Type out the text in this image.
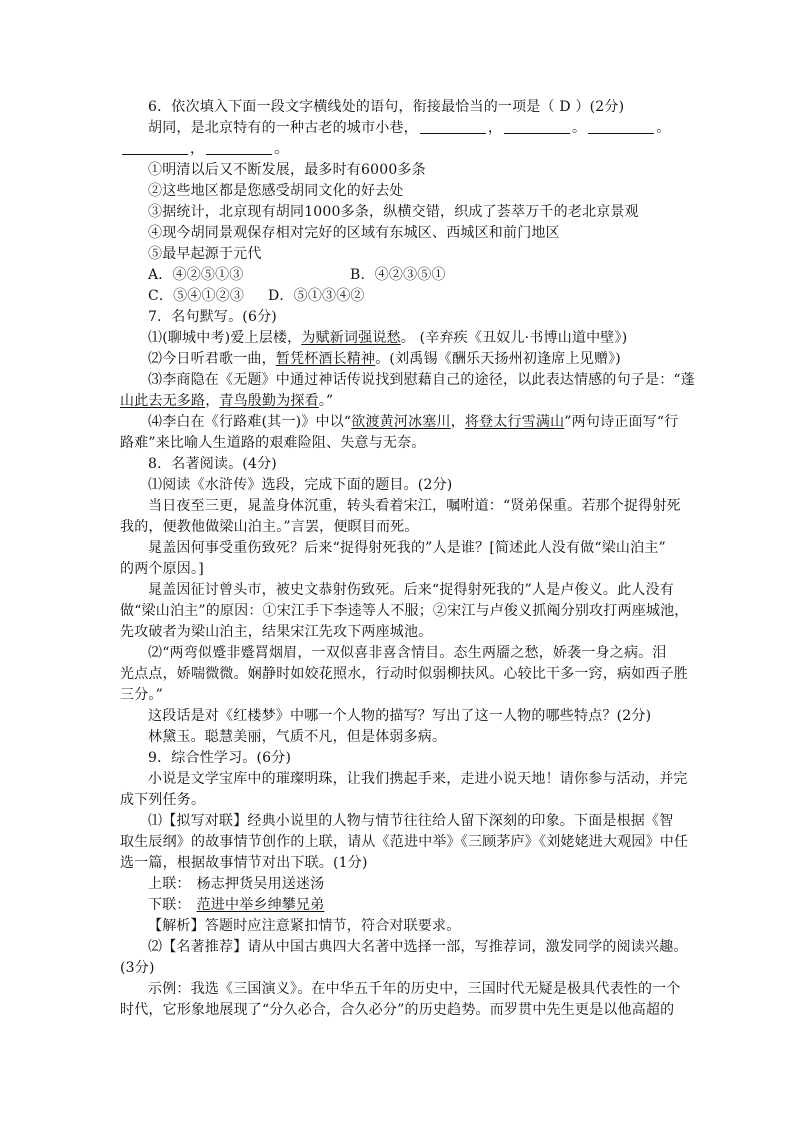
6．依次填入下面一段文字横线处的语句，衔接最恰当的一项是（ D ）(2分)
胡同，是北京特有的一种古老的城市小巷，	，	。	。
，	。
①明清以后又不断发展，最多时有6000多条
②这些地区都是您感受胡同文化的好去处
③据统计，北京现有胡同1000多条，纵横交错，织成了荟萃万千的老北京景观
④现今胡同景观保存相对完好的区域有东城区、西城区和前门地区
⑤最早起源于元代
A．④②⑤①③	B．④②③⑤①
C．⑤④①②③ D．⑤①③④②
7．名句默写。(6分)
⑴(聊城中考)爱上层楼，为赋新词强说愁。 (辛弃疾《丑奴儿·书博山道中壁》)
⑵今日听君歌一曲，暂凭杯酒长精神。(刘禹锡《酬乐天扬州初逢席上见赠》)
⑶李商隐在《无题》中通过神话传说找到慰藉自己的途径，以此表达情感的句子是：“蓬
山此去无多路，青鸟殷勤为探看。”
⑷李白在《行路难(其一)》中以“欲渡黄河冰塞川，将登太行雪满山”两句诗正面写“行
路难”来比喻人生道路的艰难险阻、失意与无奈。
8．名著阅读。(4分)
⑴阅读《水浒传》选段，完成下面的题目。(2分)
当日夜至三更，晁盖身体沉重，转头看着宋江，嘱咐道：“贤弟保重。若那个捉得射死
我的，便教他做梁山泊主。”言罢，便瞑目而死。
晁盖因何事受重伤致死？后来“捉得射死我的”人是谁？[简述此人没有做“梁山泊主”
的两个原因。]
晁盖因征讨曾头市，被史文恭射伤致死。后来“捉得射死我的”人是卢俊义。此人没有
做“梁山泊主”的原因：①宋江手下李逵等人不服；②宋江与卢俊义抓阄分别攻打两座城池，
先攻破者为梁山泊主，结果宋江先攻下两座城池。
⑵“两弯似蹙非蹙罥烟眉，一双似喜非喜含情目。态生两靥之愁，娇袭一身之病。泪
光点点，娇喘微微。娴静时如姣花照水，行动时似弱柳扶风。心较比干多一窍，病如西子胜
三分。”
这段话是对《红楼梦》中哪一个人物的描写？写出了这一人物的哪些特点？(2分)
林黛玉。聪慧美丽，气质不凡，但是体弱多病。
9．综合性学习。(6分)
小说是文学宝库中的璀璨明珠，让我们携起手来，走进小说天地！请你参与活动，并完
成下列任务。
⑴【拟写对联】经典小说里的人物与情节往往给人留下深刻的印象。下面是根据《智
取生辰纲》的故事情节创作的上联，请从《范进中举》《三顾茅庐》《刘姥姥进大观园》中任
选一篇，根据故事情节对出下联。(1分)
上联： 杨志押货吴用送迷汤
下联： 范进中举乡绅攀兄弟
【解析】答题时应注意紧扣情节，符合对联要求。
⑵【名著推荐】请从中国古典四大名著中选择一部，写推荐词，激发同学的阅读兴趣。
(3分)
示例：我选《三国演义》。在中华五千年的历史中，三国时代无疑是极具代表性的一个
时代，它形象地展现了“分久必合，合久必分”的历史趋势。而罗贯中先生更是以他高超的
